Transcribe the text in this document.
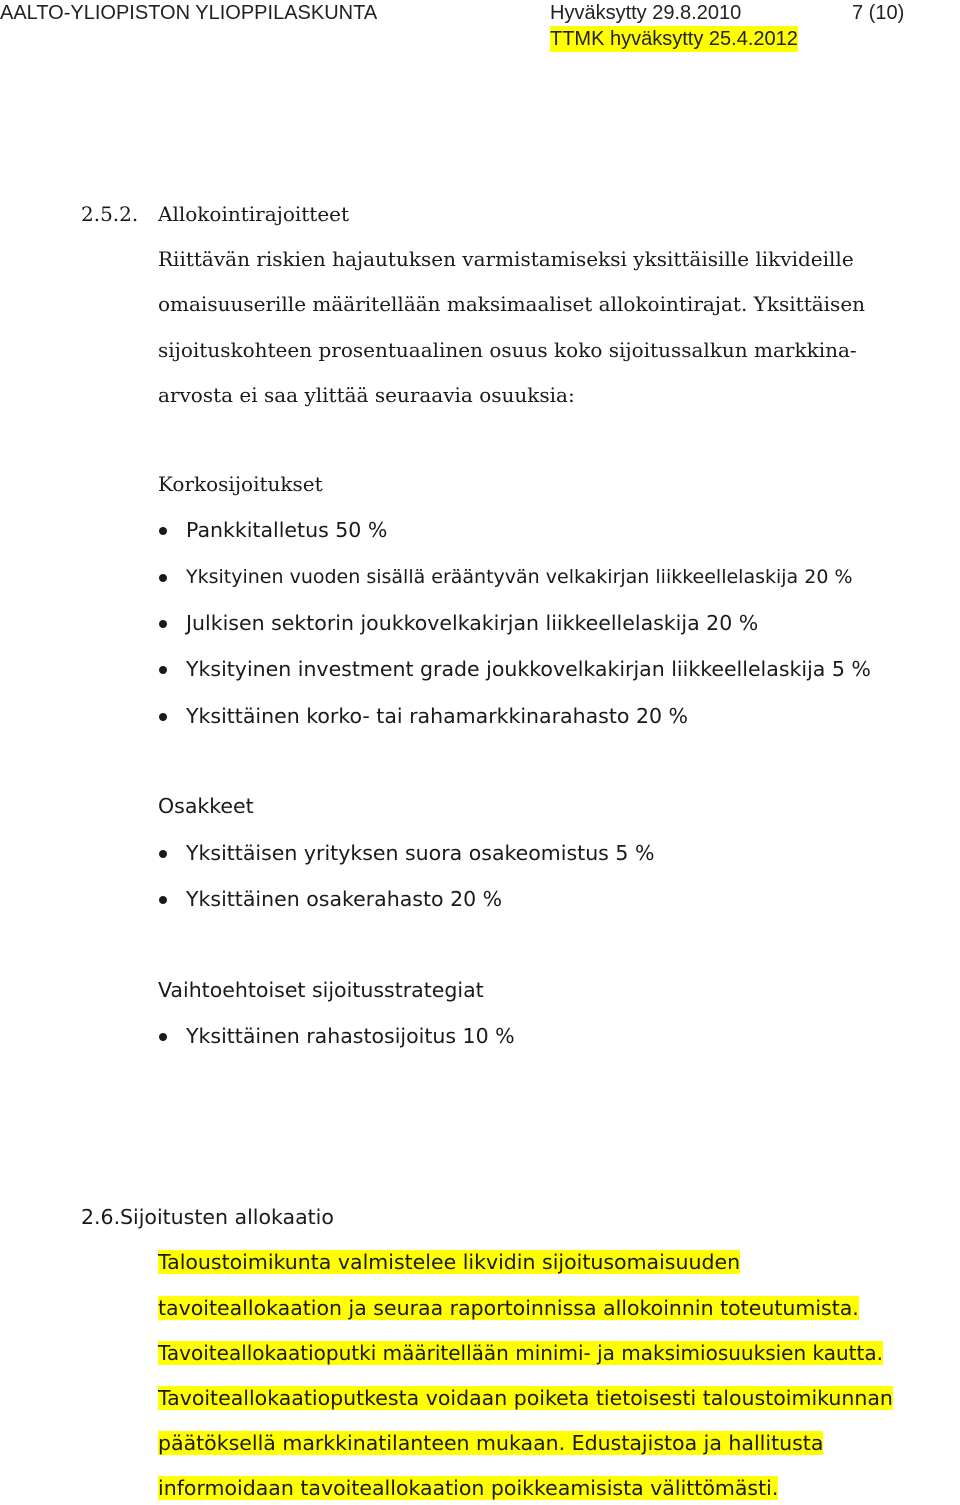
AALTO-YLIOPISTON YLIOPPILASKUNTA	Hyväksytty 29.8.2010	7 (10)
TTMK hyväksytty 25.4.2012
2.5.2. Allokointirajoitteet
Riittävän riskien hajautuksen varmistamiseksi yksittäisille likvideille
omaisuuserille määritellään maksimaaliset allokointirajat. Yksittäisen
sijoituskohteen prosentuaalinen osuus koko sijoitussalkun markkina-
arvosta ei saa ylittää seuraavia osuuksia:
Korkosijoitukset
Pankkitalletus 50 %
Yksityinen vuoden sisällä erääntyvän velkakirjan liikkeellelaskija 20 %
Julkisen sektorin joukkovelkakirjan liikkeellelaskija 20 %
Yksityinen investment grade joukkovelkakirjan liikkeellelaskija 5 %
Yksittäinen korko- tai rahamarkkinarahasto 20 %
Osakkeet
Yksittäisen yrityksen suora osakeomistus 5 %
Yksittäinen osakerahasto 20 %
Vaihtoehtoiset sijoitusstrategiat
Yksittäinen rahastosijoitus 10 %
2.6. Sijoitusten allokaatio
Taloustoimikunta valmistelee likvidin sijoitusomaisuuden
tavoiteallokaation ja seuraa raportoinnissa allokoinnin toteutumista.
Tavoiteallokaatioputki määritellään minimi- ja maksimiosuuksien kautta.
Tavoiteallokaatioputkesta voidaan poiketa tietoisesti taloustoimikunnan
päätöksellä markkinatilanteen mukaan. Edustajistoa ja hallitusta
informoidaan tavoiteallokaation poikkeamisista välittömästi.
